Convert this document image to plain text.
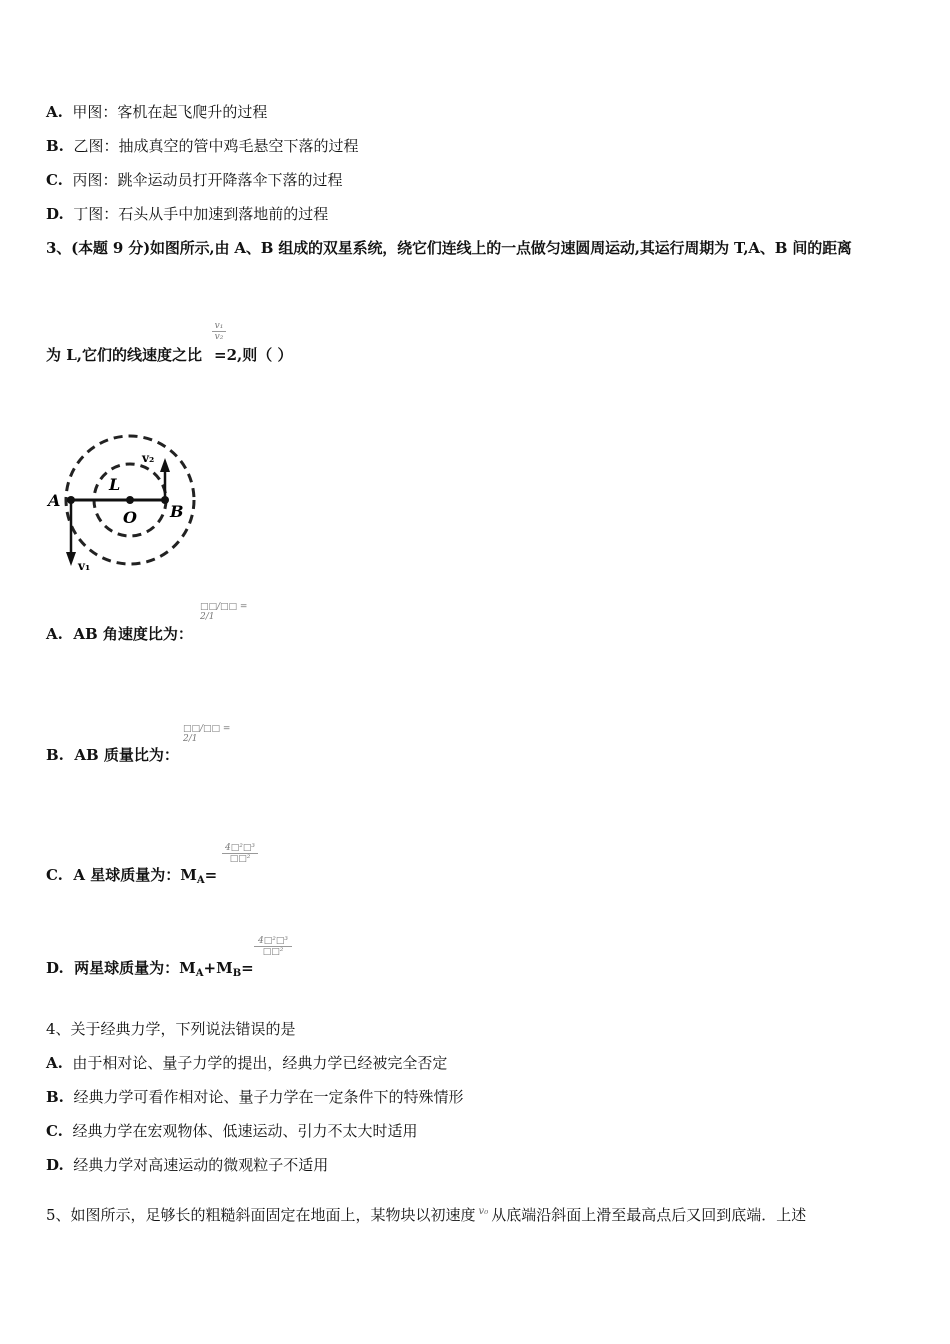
A. 甲图：客机在起飞爬升的过程
B. 乙图：抽成真空的管中鸡毛悬空下落的过程
C. 丙图：跳伞运动员打开降落伞下落的过程
D. 丁图：石头从手中加速到落地前的过程
3、(本题 9 分)如图所示,由 A、B 组成的双星系统，绕它们连线上的一点做匀速圆周运动,其运行周期为 T,A、B 间的距离
$\frac{\text{v₁}}{\text{v₂}}$
为 L,它们的线速度之比 =2,则（ ）
A
B
O
L
v₁
v₂
A. AB 角速度比为：
□□/□□ = 2/1
B. AB 质量比为：
□□/□□ = 2/1
C. A 星球质量为：$M_A=$
4□²□³
□□²
D. 两星球质量为：$M_A+M_B=$
4□²□³
□□²
4、关于经典力学，下列说法错误的是
A. 由于相对论、量子力学的提出，经典力学已经被完全否定
B. 经典力学可看作相对论、量子力学在一定条件下的特殊情形
C. 经典力学在宏观物体、低速运动、引力不太大时适用
D. 经典力学对高速运动的微观粒子不适用
5、如图所示，足够长的粗糙斜面固定在地面上，某物块以初速度 $^{v_0}$ 从底端沿斜面上滑至最高点后又回到底端．上述
